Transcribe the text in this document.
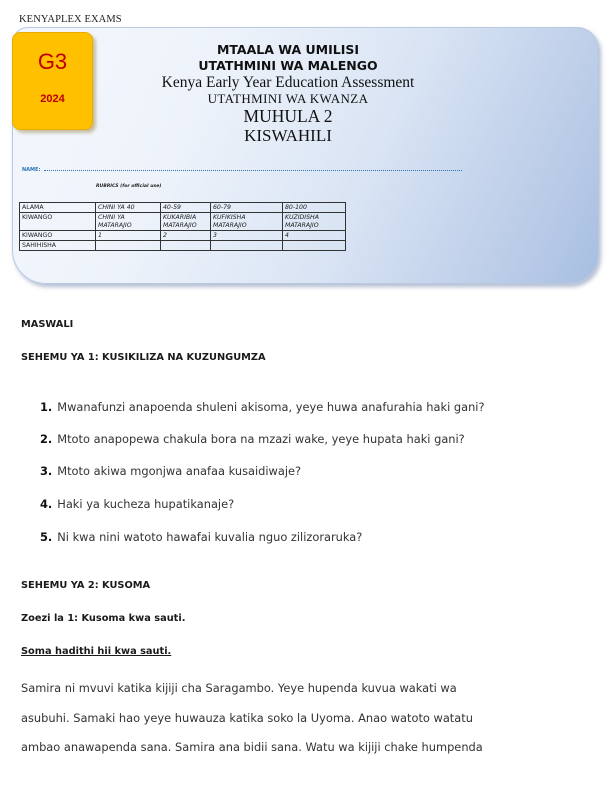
KENYAPLEX EXAMS
G3
2024
MTAALA WA UMILISI
UTATHMINI WA MALENGO
Kenya Early Year Education Assessment
UTATHMINI WA KWANZA
MUHULA 2
KISWAHILI
NAME:
RUBRICS (for official use)
ALAMA	CHINI YA 40	40-59	60-79	80-100
KIWANGO	CHINI YA MATARAJIO	KUKARIBIA MATARAJIO	KUFIKISHA MATARAJIO	KUZIDISHA MATARAJIO
KIWANGO	1	2	3	4
SAHIHISHA				
MASWALI
SEHEMU YA 1: KUSIKILIZA NA KUZUNGUMZA
1. Mwanafunzi anapoenda shuleni akisoma, yeye huwa anafurahia haki gani?
2. Mtoto anapopewa chakula bora na mzazi wake, yeye hupata haki gani?
3. Mtoto akiwa mgonjwa anafaa kusaidiwaje?
4. Haki ya kucheza hupatikanaje?
5. Ni kwa nini watoto hawafai kuvalia nguo zilizoraruka?
SEHEMU YA 2: KUSOMA
Zoezi la 1: Kusoma kwa sauti.
Soma hadithi hii kwa sauti.
Samira ni mvuvi katika kijiji cha Saragambo. Yeye hupenda kuvua wakati wa
asubuhi. Samaki hao yeye huwauza katika soko la Uyoma. Anao watoto watatu
ambao anawapenda sana. Samira ana bidii sana. Watu wa kijiji chake humpenda
